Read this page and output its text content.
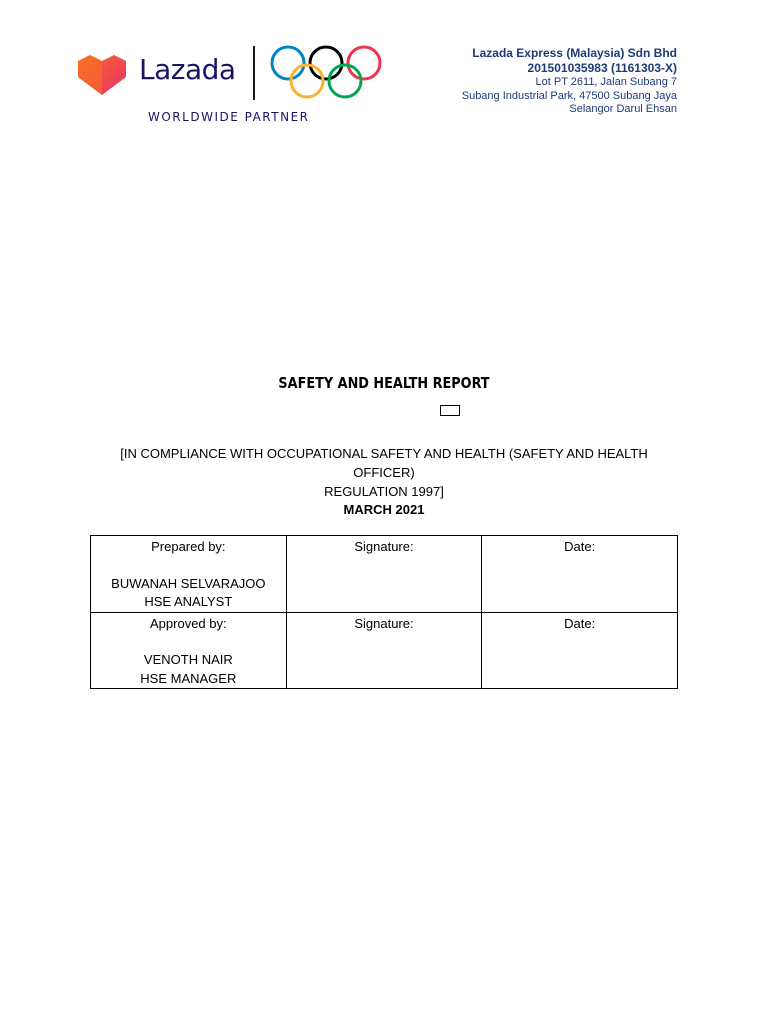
Lazada
WORLDWIDE PARTNER
Lazada Express (Malaysia) Sdn Bhd
201501035983 (1161303-X)
Lot PT 2611, Jalan Subang 7
Subang Industrial Park, 47500 Subang Jaya
Selangor Darul Ehsan
SAFETY AND HEALTH REPORT
[IN COMPLIANCE WITH OCCUPATIONAL SAFETY AND HEALTH (SAFETY AND HEALTH OFFICER)
REGULATION 1997]
MARCH 2021
Prepared by:
BUWANAH SELVARAJOO
HSE ANALYST	Signature:	Date:

Approved by:
VENOTH NAIR
HSE MANAGER	Signature:	Date:
